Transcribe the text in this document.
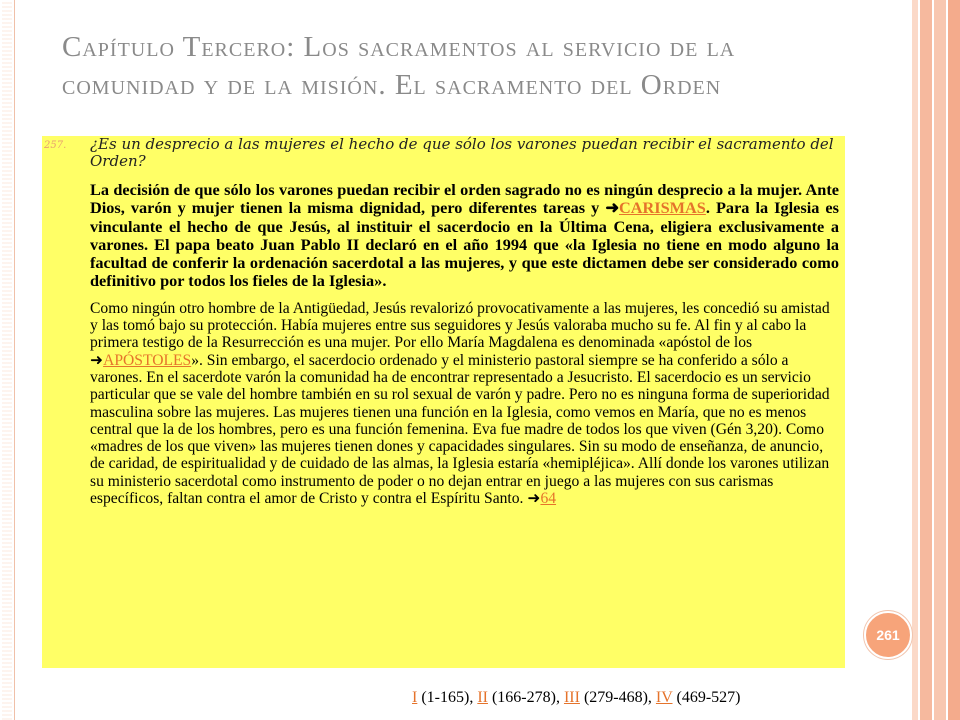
Capítulo Tercero: Los sacramentos al servicio de la comunidad y de la misión. El sacramento del Orden

257. ¿Es un desprecio a las mujeres el hecho de que sólo los varones puedan recibir el sacramento del Orden?

La decisión de que sólo los varones puedan recibir el orden sagrado no es ningún desprecio a la mujer. Ante Dios, varón y mujer tienen la misma dignidad, pero diferentes tareas y ➜CARISMAS. Para la Iglesia es vinculante el hecho de que Jesús, al instituir el sacerdocio en la Última Cena, eligiera exclusivamente a varones. El papa beato Juan Pablo II declaró en el año 1994 que «la Iglesia no tiene en modo alguno la facultad de conferir la ordenación sacerdotal a las mujeres, y que este dictamen debe ser considerado como definitivo por todos los fieles de la Iglesia».

Como ningún otro hombre de la Antigüedad, Jesús revalorizó provocativamente a las mujeres, les concedió su amistad y las tomó bajo su protección. Había mujeres entre sus seguidores y Jesús valoraba mucho su fe. Al fin y al cabo la primera testigo de la Resurrección es una mujer. Por ello María Magdalena es denominada «apóstol de los ➜APÓSTOLES». Sin embargo, el sacerdocio ordenado y el ministerio pastoral siempre se ha conferido a sólo a varones. En el sacerdote varón la comunidad ha de encontrar representado a Jesucristo. El sacerdocio es un servicio particular que se vale del hombre también en su rol sexual de varón y padre. Pero no es ninguna forma de superioridad masculina sobre las mujeres. Las mujeres tienen una función en la Iglesia, como vemos en María, que no es menos central que la de los hombres, pero es una función femenina. Eva fue madre de todos los que viven (Gén 3,20). Como «madres de los que viven» las mujeres tienen dones y capacidades singulares. Sin su modo de enseñanza, de anuncio, de caridad, de espiritualidad y de cuidado de las almas, la Iglesia estaría «hemipléjica». Allí donde los varones utilizan su ministerio sacerdotal como instrumento de poder o no dejan entrar en juego a las mujeres con sus carismas específicos, faltan contra el amor de Cristo y contra el Espíritu Santo. ➜64

261
I (1-165), II (166-278), III (279-468), IV (469-527)
